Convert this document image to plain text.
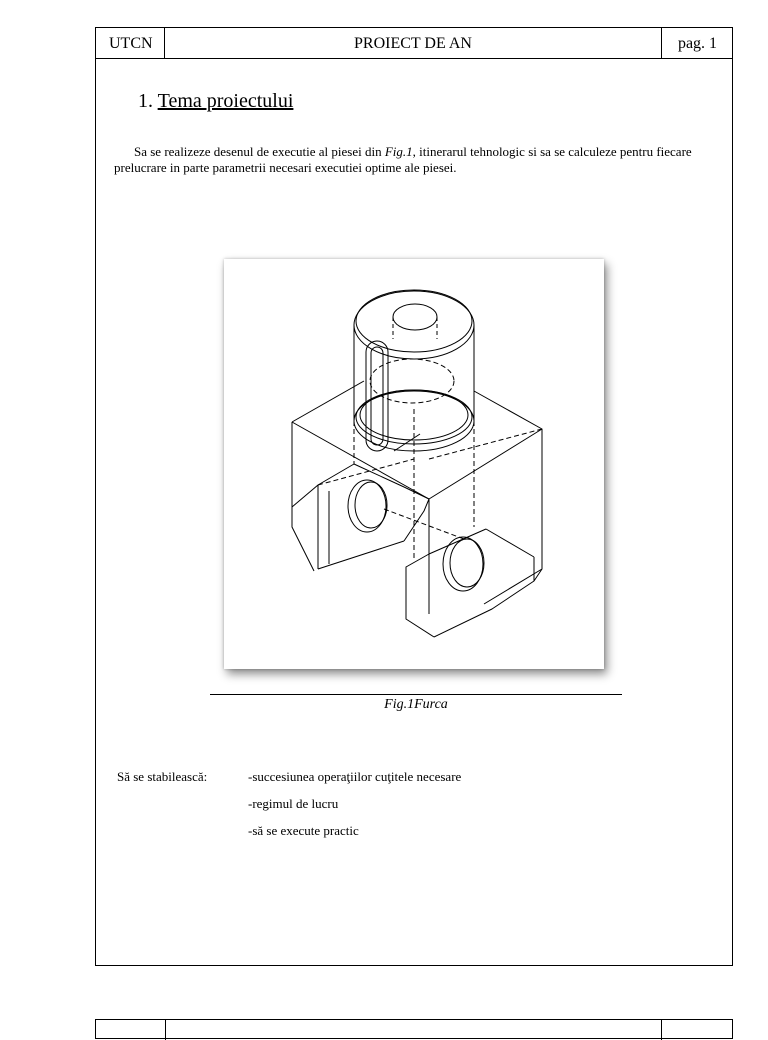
UTCN	PROIECT DE AN	pag. 1
1. Tema proiectului
Sa se realizeze desenul de executie al piesei din Fig.1, itinerarul tehnologic si sa se calculeze pentru fiecare prelucrare in parte parametrii necesari executiei optime ale piesei.
Fig.1Furca
Să se stabilească:	-succesiunea operaţiilor cuţitele necesare
-regimul de lucru
-să se execute practic
